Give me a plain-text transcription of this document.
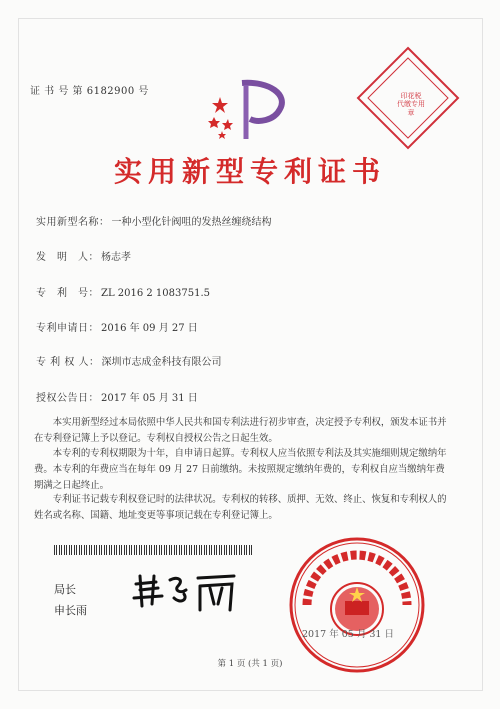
证 书 号 第 6182900 号	印花税
代缴专用章
实用新型专利证书
实用新型名称： 一种小型化针阀咀的发热丝缠绕结构
发　明　人： 杨志孝
专　利　号： ZL 2016 2 1083751.5
专利申请日： 2016 年 09 月 27 日
专 利 权 人： 深圳市志成金科技有限公司
授权公告日： 2017 年 05 月 31 日
　　本实用新型经过本局依照中华人民共和国专利法进行初步审查，决定授予专利权，颁发本证书并在专利登记簿上予以登记。专利权自授权公告之日起生效。
　　本专利的专利权期限为十年，自申请日起算。专利权人应当依照专利法及其实施细则规定缴纳年费。本专利的年费应当在每年 09 月 27 日前缴纳。未按照规定缴纳年费的，专利权自应当缴纳年费期满之日起终止。
　　专利证书记载专利权登记时的法律状况。专利权的转移、质押、无效、终止、恢复和专利权人的姓名或名称、国籍、地址变更等事项记载在专利登记簿上。
局长
申长雨
2017 年 05 月 31 日
第 1 页 (共 1 页)
